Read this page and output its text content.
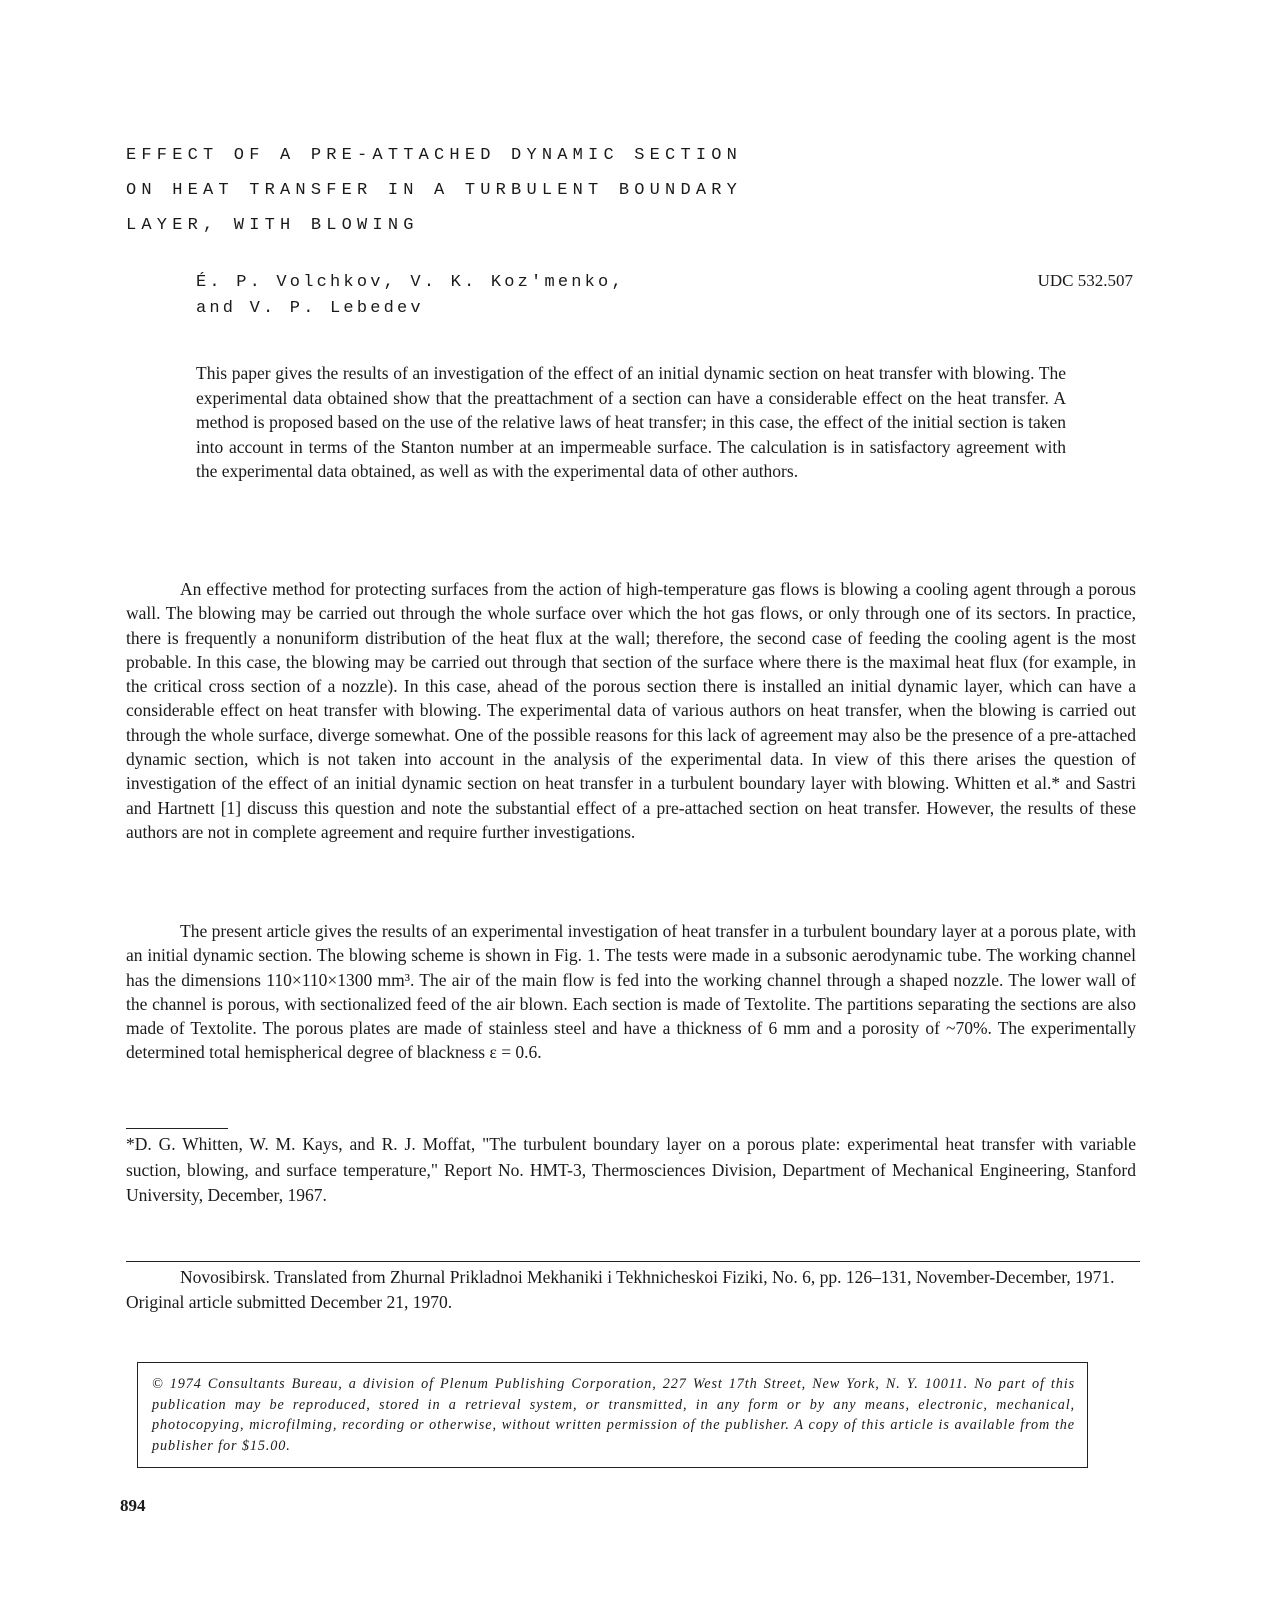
EFFECT OF A PRE-ATTACHED DYNAMIC SECTION
ON HEAT TRANSFER IN A TURBULENT BOUNDARY
LAYER, WITH BLOWING
É. P. Volchkov, V. K. Koz'menko,
and V. P. Lebedev
UDC 532.507

This paper gives the results of an investigation of the effect of an initial dynamic section on heat transfer with blowing. The experimental data obtained show that the preattachment of a section can have a considerable effect on the heat transfer. A method is proposed based on the use of the relative laws of heat transfer; in this case, the effect of the initial section is taken into account in terms of the Stanton number at an impermeable surface. The calculation is in satisfactory agreement with the experimental data obtained, as well as with the experimental data of other authors.

An effective method for protecting surfaces from the action of high-temperature gas flows is blowing a cooling agent through a porous wall. The blowing may be carried out through the whole surface over which the hot gas flows, or only through one of its sectors. In practice, there is frequently a nonuniform distribution of the heat flux at the wall; therefore, the second case of feeding the cooling agent is the most probable. In this case, the blowing may be carried out through that section of the surface where there is the maximal heat flux (for example, in the critical cross section of a nozzle). In this case, ahead of the porous section there is installed an initial dynamic layer, which can have a considerable effect on heat transfer with blowing. The experimental data of various authors on heat transfer, when the blowing is carried out through the whole surface, diverge somewhat. One of the possible reasons for this lack of agreement may also be the presence of a pre-attached dynamic section, which is not taken into account in the analysis of the experimental data. In view of this there arises the question of investigation of the effect of an initial dynamic section on heat transfer in a turbulent boundary layer with blowing. Whitten et al.* and Sastri and Hartnett [1] discuss this question and note the substantial effect of a pre-attached section on heat transfer. However, the results of these authors are not in complete agreement and require further investigations.

The present article gives the results of an experimental investigation of heat transfer in a turbulent boundary layer at a porous plate, with an initial dynamic section. The blowing scheme is shown in Fig. 1. The tests were made in a subsonic aerodynamic tube. The working channel has the dimensions 110×110×1300 mm³. The air of the main flow is fed into the working channel through a shaped nozzle. The lower wall of the channel is porous, with sectionalized feed of the air blown. Each section is made of Textolite. The partitions separating the sections are also made of Textolite. The porous plates are made of stainless steel and have a thickness of 6 mm and a porosity of ~70%. The experimentally determined total hemispherical degree of blackness ε = 0.6.

*D. G. Whitten, W. M. Kays, and R. J. Moffat, "The turbulent boundary layer on a porous plate: experimental heat transfer with variable suction, blowing, and surface temperature," Report No. HMT-3, Thermosciences Division, Department of Mechanical Engineering, Stanford University, December, 1967.

Novosibirsk. Translated from Zhurnal Prikladnoi Mekhaniki i Tekhnicheskoi Fiziki, No. 6, pp. 126–131, November-December, 1971. Original article submitted December 21, 1970.

© 1974 Consultants Bureau, a division of Plenum Publishing Corporation, 227 West 17th Street, New York, N. Y. 10011. No part of this publication may be reproduced, stored in a retrieval system, or transmitted, in any form or by any means, electronic, mechanical, photocopying, microfilming, recording or otherwise, without written permission of the publisher. A copy of this article is available from the publisher for $15.00.

894
